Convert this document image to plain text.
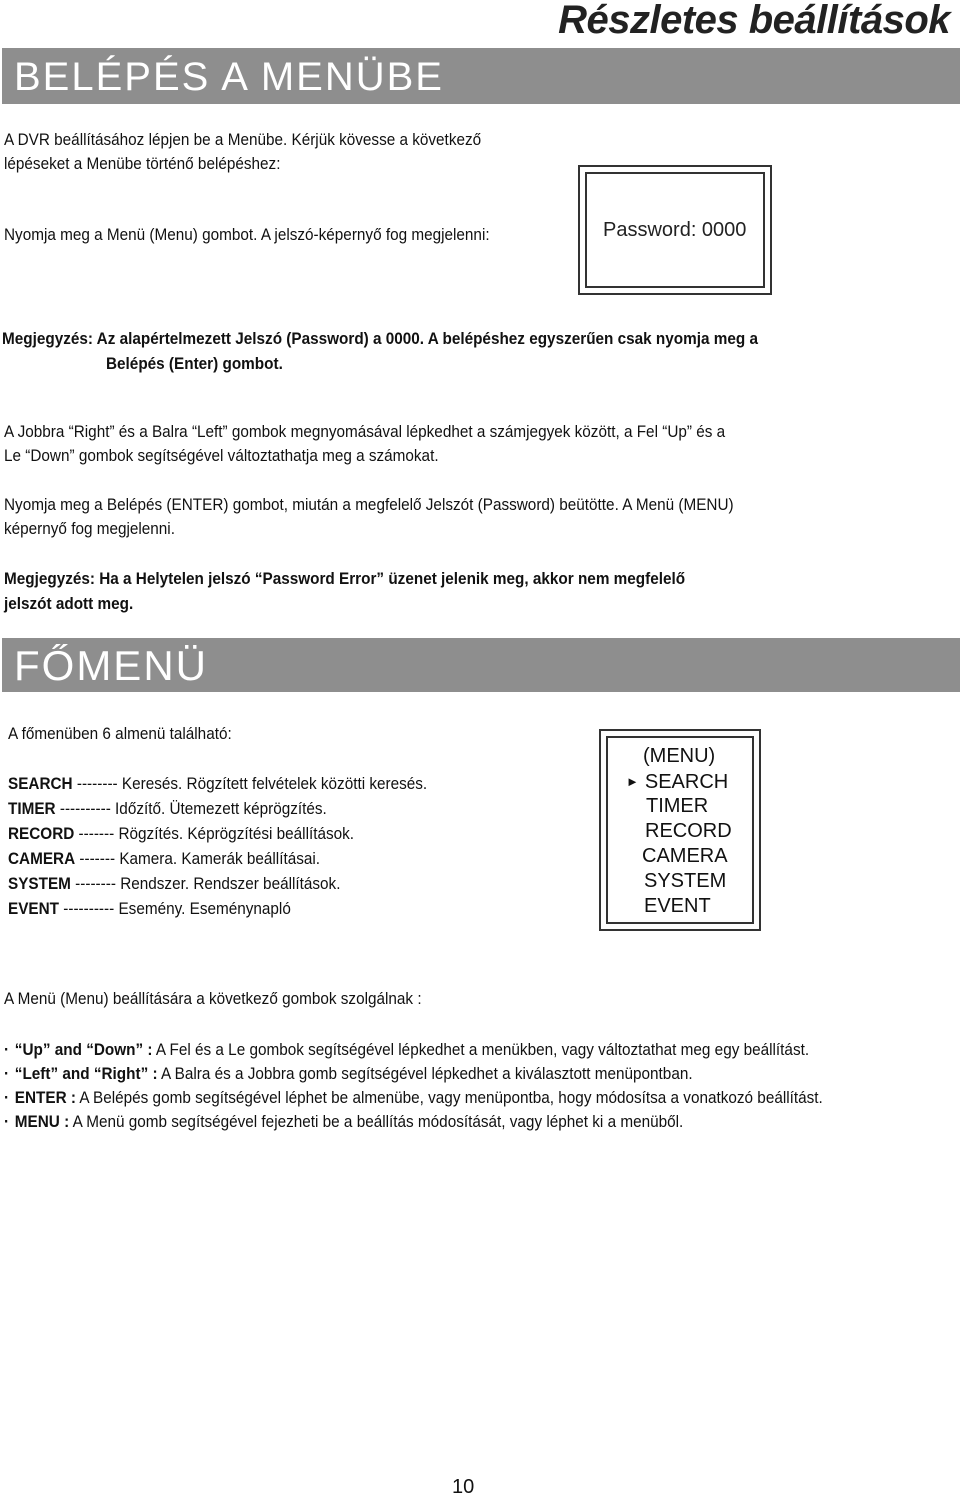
Részletes beállítások
BELÉPÉS A MENÜBE
A DVR beállításához lépjen be a Menübe. Kérjük kövesse a következő
lépéseket a Menübe történő belépéshez:
Nyomja meg a Menü (Menu) gombot. A jelszó-képernyő fog megjelenni:	Password: 0000
Megjegyzés: Az alapértelmezett Jelszó (Password) a 0000. A belépéshez egyszerűen csak nyomja meg a
Belépés (Enter) gombot.
A Jobbra “Right” és a Balra “Left” gombok megnyomásával lépkedhet a számjegyek között, a Fel “Up” és a
Le “Down” gombok segítségével változtathatja meg a számokat.
Nyomja meg a Belépés (ENTER) gombot, miután a megfelelő Jelszót (Password) beütötte. A Menü (MENU)
képernyő fog megjelenni.
Megjegyzés: Ha a Helytelen jelszó “Password Error” üzenet jelenik meg, akkor nem megfelelő
jelszót adott meg.
FŐMENÜ
A főmenüben 6 almenü található:
SEARCH -------- Keresés. Rögzített felvételek közötti keresés.
TIMER ---------- Időzítő. Ütemezett képrögzítés.
RECORD ------- Rögzítés. Képrögzítési beállítások.
CAMERA ------- Kamera. Kamerák beállításai.
SYSTEM -------- Rendszer. Rendszer beállítások.
EVENT ---------- Esemény. Eseménynapló
(MENU)
► SEARCH
TIMER
RECORD
CAMERA
SYSTEM
EVENT
A Menü (Menu) beállítására a következő gombok szolgálnak :
· “Up” and “Down” : A Fel és a Le gombok segítségével lépkedhet a menükben, vagy változtathat meg egy beállítást.
· “Left” and “Right” : A Balra és a Jobbra gomb segítségével lépkedhet a kiválasztott menüpontban.
· ENTER : A Belépés gomb segítségével léphet be almenübe, vagy menüpontba, hogy módosítsa a vonatkozó beállítást.
· MENU : A Menü gomb segítségével fejezheti be a beállítás módosítását, vagy léphet ki a menüből.
10
